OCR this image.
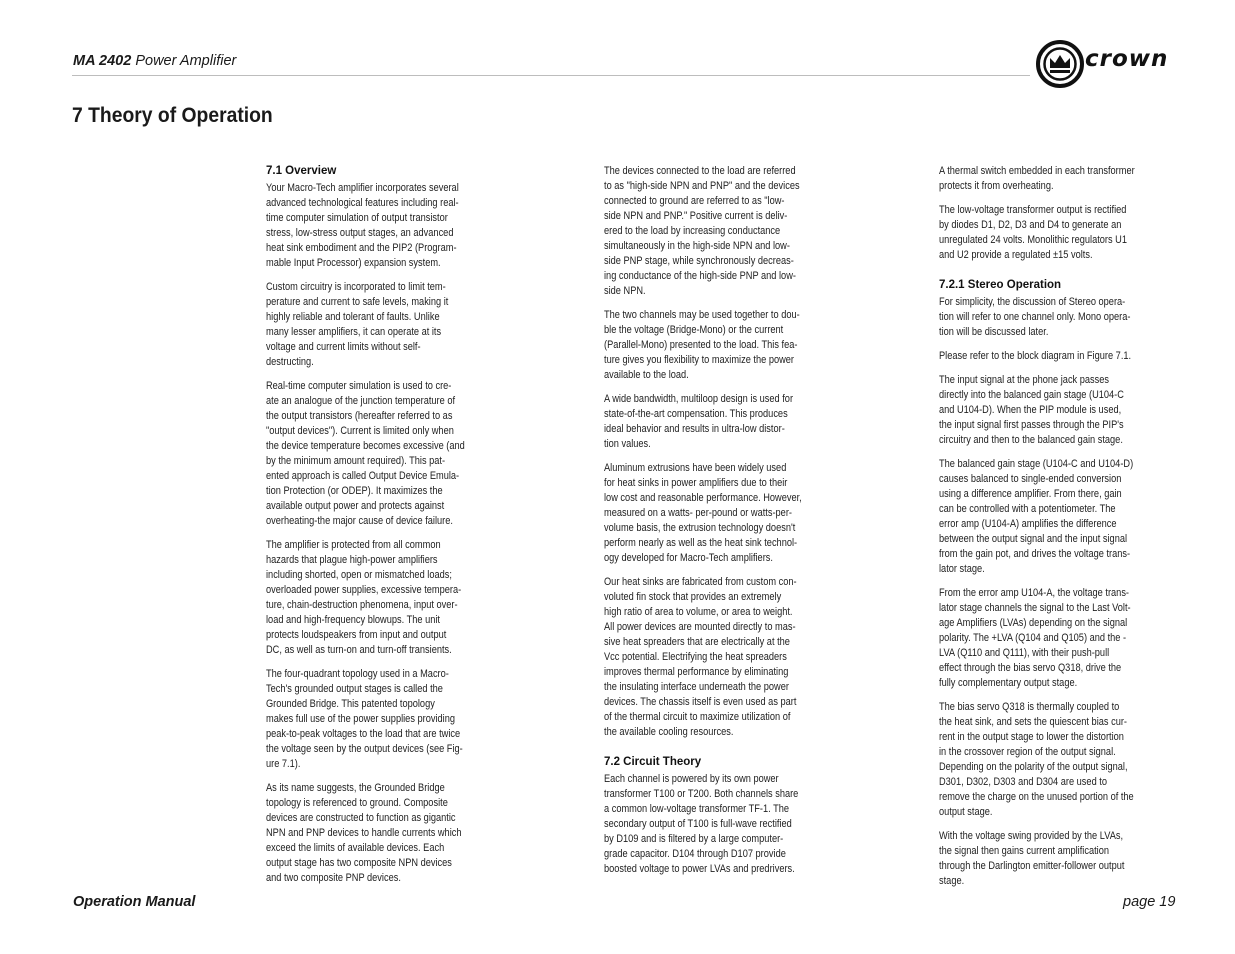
MA 2402 Power Amplifier	crown
7 Theory of Operation
7.1 Overview

Your Macro-Tech amplifier incorporates several
advanced technological features including real-
time computer simulation of output transistor
stress, low-stress output stages, an advanced
heat sink embodiment and the PIP2 (Program-
mable Input Processor) expansion system.

Custom circuitry is incorporated to limit tem-
perature and current to safe levels, making it
highly reliable and tolerant of faults. Unlike
many lesser amplifiers, it can operate at its
voltage and current limits without self-
destructing.

Real-time computer simulation is used to cre-
ate an analogue of the junction temperature of
the output transistors (hereafter referred to as
"output devices"). Current is limited only when
the device temperature becomes excessive (and
by the minimum amount required). This pat-
ented approach is called Output Device Emula-
tion Protection (or ODEP). It maximizes the
available output power and protects against
overheating-the major cause of device failure.

The amplifier is protected from all common
hazards that plague high-power amplifiers
including shorted, open or mismatched loads;
overloaded power supplies, excessive tempera-
ture, chain-destruction phenomena, input over-
load and high-frequency blowups. The unit
protects loudspeakers from input and output
DC, as well as turn-on and turn-off transients.

The four-quadrant topology used in a Macro-
Tech's grounded output stages is called the
Grounded Bridge. This patented topology
makes full use of the power supplies providing
peak-to-peak voltages to the load that are twice
the voltage seen by the output devices (see Fig-
ure 7.1).

As its name suggests, the Grounded Bridge
topology is referenced to ground. Composite
devices are constructed to function as gigantic
NPN and PNP devices to handle currents which
exceed the limits of available devices. Each
output stage has two composite NPN devices
and two composite PNP devices.

The devices connected to the load are referred
to as "high-side NPN and PNP" and the devices
connected to ground are referred to as "low-
side NPN and PNP." Positive current is deliv-
ered to the load by increasing conductance
simultaneously in the high-side NPN and low-
side PNP stage, while synchronously decreas-
ing conductance of the high-side PNP and low-
side NPN.

The two channels may be used together to dou-
ble the voltage (Bridge-Mono) or the current
(Parallel-Mono) presented to the load. This fea-
ture gives you flexibility to maximize the power
available to the load.

A wide bandwidth, multiloop design is used for
state-of-the-art compensation. This produces
ideal behavior and results in ultra-low distor-
tion values.

Aluminum extrusions have been widely used
for heat sinks in power amplifiers due to their
low cost and reasonable performance. However,
measured on a watts- per-pound or watts-per-
volume basis, the extrusion technology doesn't
perform nearly as well as the heat sink technol-
ogy developed for Macro-Tech amplifiers.

Our heat sinks are fabricated from custom con-
voluted fin stock that provides an extremely
high ratio of area to volume, or area to weight.
All power devices are mounted directly to mas-
sive heat spreaders that are electrically at the
Vcc potential. Electrifying the heat spreaders
improves thermal performance by eliminating
the insulating interface underneath the power
devices. The chassis itself is even used as part
of the thermal circuit to maximize utilization of
the available cooling resources.

7.2 Circuit Theory

Each channel is powered by its own power
transformer T100 or T200. Both channels share
a common low-voltage transformer TF-1. The
secondary output of T100 is full-wave rectified
by D109 and is filtered by a large computer-
grade capacitor. D104 through D107 provide
boosted voltage to power LVAs and predrivers.

A thermal switch embedded in each transformer
protects it from overheating.

The low-voltage transformer output is rectified
by diodes D1, D2, D3 and D4 to generate an
unregulated 24 volts. Monolithic regulators U1
and U2 provide a regulated ±15 volts.

7.2.1 Stereo Operation

For simplicity, the discussion of Stereo opera-
tion will refer to one channel only. Mono opera-
tion will be discussed later.

Please refer to the block diagram in Figure 7.1.

The input signal at the phone jack passes
directly into the balanced gain stage (U104-C
and U104-D). When the PIP module is used,
the input signal first passes through the PIP's
circuitry and then to the balanced gain stage.

The balanced gain stage (U104-C and U104-D)
causes balanced to single-ended conversion
using a difference amplifier. From there, gain
can be controlled with a potentiometer. The
error amp (U104-A) amplifies the difference
between the output signal and the input signal
from the gain pot, and drives the voltage trans-
lator stage.

From the error amp U104-A, the voltage trans-
lator stage channels the signal to the Last Volt-
age Amplifiers (LVAs) depending on the signal
polarity. The +LVA (Q104 and Q105) and the -
LVA (Q110 and Q111), with their push-pull
effect through the bias servo Q318, drive the
fully complementary output stage.

The bias servo Q318 is thermally coupled to
the heat sink, and sets the quiescent bias cur-
rent in the output stage to lower the distortion
in the crossover region of the output signal.
Depending on the polarity of the output signal,
D301, D302, D303 and D304 are used to
remove the charge on the unused portion of the
output stage.

With the voltage swing provided by the LVAs,
the signal then gains current amplification
through the Darlington emitter-follower output
stage.

Operation Manual	page 19
